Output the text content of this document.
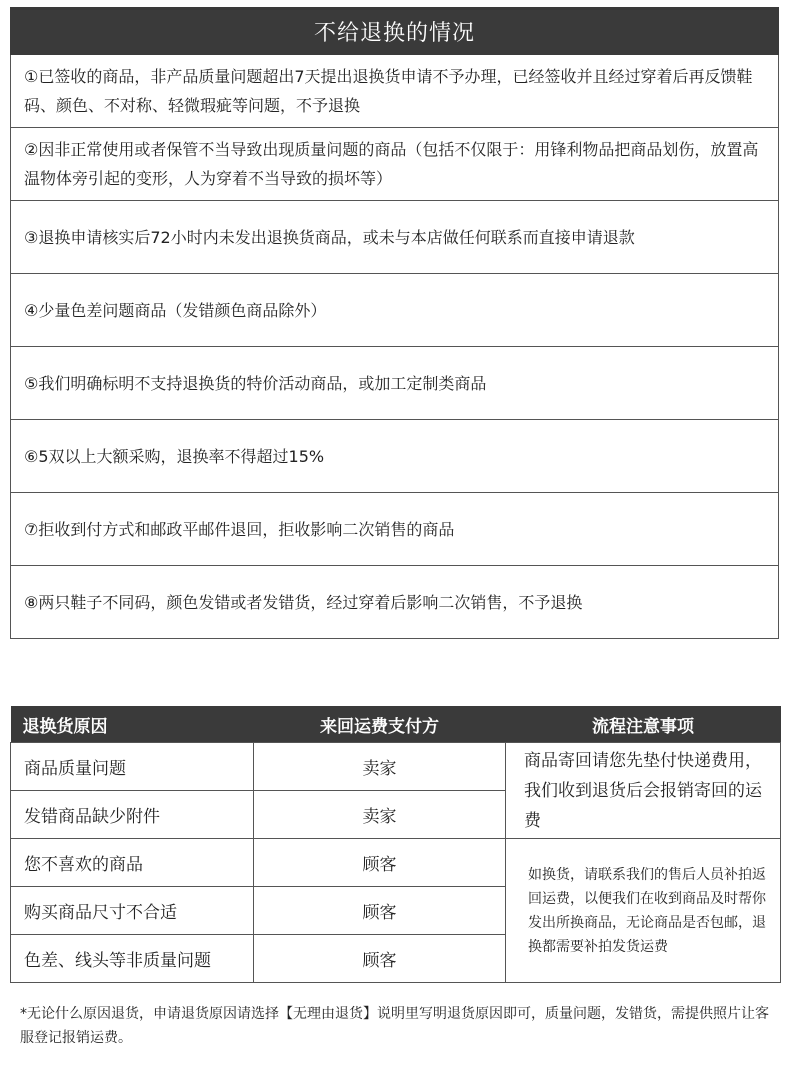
不给退换的情况
①已签收的商品，非产品质量问题超出7天提出退换货申请不予办理，已经签收并且经过穿着后再反馈鞋码、颜色、不对称、轻微瑕疵等问题，不予退换
②因非正常使用或者保管不当导致出现质量问题的商品（包括不仅限于：用锋利物品把商品划伤，放置高温物体旁引起的变形，人为穿着不当导致的损坏等）
③退换申请核实后72小时内未发出退换货商品，或未与本店做任何联系而直接申请退款
④少量色差问题商品（发错颜色商品除外）
⑤我们明确标明不支持退换货的特价活动商品，或加工定制类商品
⑥5双以上大额采购，退换率不得超过15%
⑦拒收到付方式和邮政平邮件退回，拒收影响二次销售的商品
⑧两只鞋子不同码，颜色发错或者发错货，经过穿着后影响二次销售，不予退换
退换货原因	来回运费支付方	流程注意事项
商品质量问题	卖家	商品寄回请您先垫付快递费用，我们收到退货后会报销寄回的运费
发错商品缺少附件	卖家	
您不喜欢的商品	顾客	如换货，请联系我们的售后人员补拍返回运费，以便我们在收到商品及时帮你发出所换商品，无论商品是否包邮，退换都需要补拍发货运费
购买商品尺寸不合适	顾客	
色差、线头等非质量问题	顾客	
*无论什么原因退货，申请退货原因请选择【无理由退货】说明里写明退货原因即可，质量问题，发错货，需提供照片让客服登记报销运费。
